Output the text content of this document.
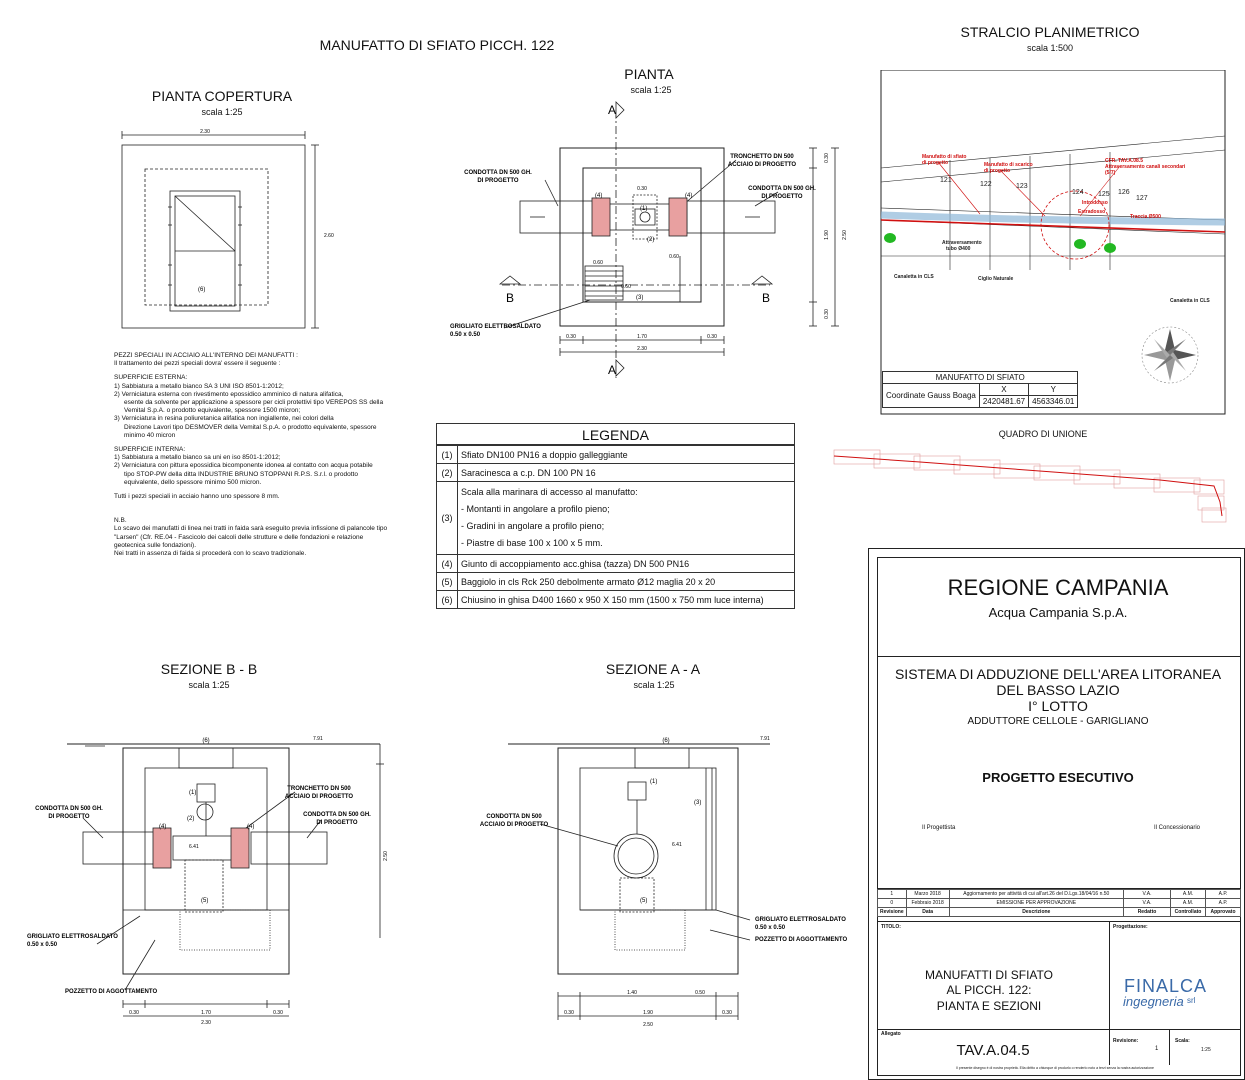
MANUFATTO DI SFIATO PICCH. 122
PIANTA COPERTURA
scala 1:25
2.30
2.60
(6)
PIANTA
scala 1:25
A
A
B	B
CONDOTTA DN 500 GH.
DI PROGETTO
TRONCHETTO DN 500
ACCIAIO DI PROGETTO
CONDOTTA DN 500 GH.
DI PROGETTO
GRIGLIATO ELETTROSALDATO
0.50 x 0.50
(1)
(2)
(3)
(4)	(4)
0.30	1.70	0.30
2.30
0.30
1.90
0.30
2.50
0.30
0.60
0.60
0.60
PEZZI SPECIALI IN ACCIAIO ALL'INTERNO DEI MANUFATTI :
Il trattamento dei pezzi speciali dovra' essere il seguente :
SUPERFICIE ESTERNA:
1) Sabbiatura a metallo bianco SA 3 UNI ISO 8501-1:2012;
2) Verniciatura esterna con rivestimento epossidico amminico di natura alifatica,
esente da solvente per applicazione a spessore per cicli protettivi tipo VEREPOS SS della
Vemital S.p.A. o prodotto equivalente, spessore 1500 micron;
3) Verniciatura in resina poliuretanica alifatica non ingiallente, nei colori della
Direzione Lavori tipo DESMOVER della Vemital S.p.A. o prodotto equivalente, spessore
minimo 40 micron
SUPERFICIE INTERNA:
1) Sabbiatura a metallo bianco sa uni en iso 8501-1:2012;
2) Verniciatura con pittura epossidica bicomponente idonea al contatto con acqua potabile
tipo STOP-PW della ditta INDUSTRIE BRUNO STOPPANI R.P.S. S.r.l. o prodotto
equivalente, dello spessore minimo 500 micron.
Tutti i pezzi speciali in acciaio hanno uno spessore 8 mm.
N.B.
Lo scavo dei manufatti di linea nei tratti in faida sarà eseguito previa infissione di palancole tipo
"Larsen" (Cfr. RE.04 - Fascicolo dei calcoli delle strutture e delle fondazioni e relazione
geotecnica sulle fondazioni).
Nei tratti in assenza di faida si procederà con lo scavo tradizionale.
LEGENDA
(1)	Sfiato DN100 PN16 a doppio galleggiante
(2)	Saracinesca a c.p. DN 100 PN 16
(3)	Scala alla marinara di accesso al manufatto:
- Montanti in angolare a profilo pieno;
- Gradini in angolare a profilo pieno;
- Piastre di base 100 x 100 x 5 mm.

(4)	Giunto di accoppiamento acc.ghisa (tazza) DN 500 PN16
(5)	Baggiolo in cls Rck 250 debolmente armato Ø12 maglia 20 x 20
(6)	Chiusino in ghisa D400 1660 x 950 X 150 mm (1500 x 750 mm luce interna)
SEZIONE B - B
scala 1:25
(6)
(1)
(2)
(4)	(4)
(5)
CONDOTTA DN 500 GH.
DI PROGETTO
TRONCHETTO DN 500
ACCIAIO DI PROGETTO
CONDOTTA DN 500 GH.
DI PROGETTO
GRIGLIATO ELETTROSALDATO
0.50 x 0.50
POZZETTO DI AGGOTTAMENTO
7.91
6.41
0.30	1.70	0.30
2.30
2.50
SEZIONE A - A
scala 1:25
(6)
(1)
(3)
(5)
CONDOTTA DN 500
ACCIAIO DI PROGETTO
GRIGLIATO ELETTROSALDATO
0.50 x 0.50
POZZETTO DI AGGOTTAMENTO
7.91
6.41
1.40	0.50
0.30	1.90	0.30
2.50
STRALCIO PLANIMETRICO
scala 1:500
Manufatto di sfiato
di progetto	Manufatto di scarico
di progetto
CFR. TAV.A.08.5
Attraversamento canali secondari
(5/7)
Introdosso
Estradosso
Traccia Ø500
Attraversamento
tubo Ø400
Canaletta in CLS	Ciglio Naturale
Canaletta in CLS
121
122	123
124 125 126
127
MANUFATTO DI SFIATO		
Coordinate Gauss Boaga	X	Y
	2420481.67	4563346.01
QUADRO DI UNIONE
REGIONE CAMPANIA
Acqua Campania S.p.A.
SISTEMA DI ADDUZIONE DELL'AREA LITORANEA
DEL BASSO LAZIO
I° LOTTO
ADDUTTORE CELLOLE - GARIGLIANO
PROGETTO ESECUTIVO
Il Progettista	Il Concessionario
1	Marzo 2018	Aggiornamento per attività di cui all'art.26 del D.Lgs.18/04/16 n.50	V.A.	A.M.	A.P.
0	Febbraio 2018	EMISSIONE PER APPROVAZIONE	V.A.	A.M.	A.P.
Revisione	Data	Descrizione	Redatto	Controllato	Approvato
TITOLO:	Progettazione:
MANUFATTI DI SFIATO
AL PICCH. 122:
PIANTA E SEZIONI
FINALCA
ingegneria srl
Allegato
TAV.A.04.5
Revisione:
1
Scala:
1:25
Il presente disegno è di nostra proprietà. Ella diritto a chiunque di produrlo o renderlo noto a terzi senza la nostra autorizzazione
